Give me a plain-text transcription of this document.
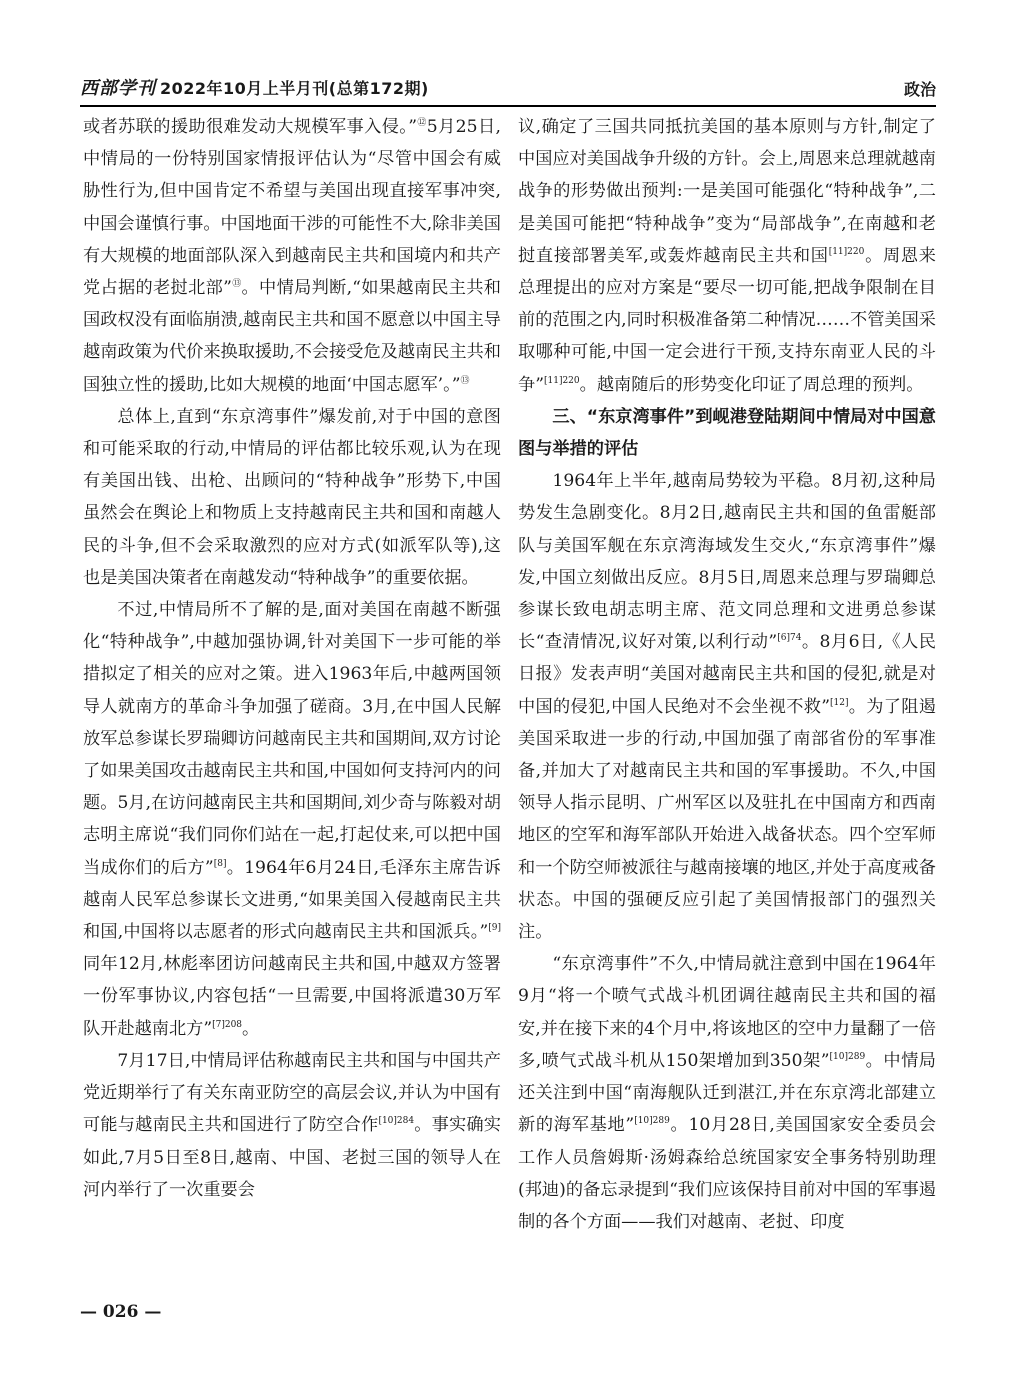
西部学刊 2022年10月上半月刊(总第172期)	政治

或者苏联的援助很难发动大规模军事入侵。”⑫5月25日,中情局的一份特别国家情报评估认为“尽管中国会有威胁性行为,但中国肯定不希望与美国出现直接军事冲突,中国会谨慎行事。中国地面干涉的可能性不大,除非美国有大规模的地面部队深入到越南民主共和国境内和共产党占据的老挝北部”⑬。中情局判断,“如果越南民主共和国政权没有面临崩溃,越南民主共和国不愿意以中国主导越南政策为代价来换取援助,不会接受危及越南民主共和国独立性的援助,比如大规模的地面‘中国志愿军’。”⑬

总体上,直到“东京湾事件”爆发前,对于中国的意图和可能采取的行动,中情局的评估都比较乐观,认为在现有美国出钱、出枪、出顾问的“特种战争”形势下,中国虽然会在舆论上和物质上支持越南民主共和国和南越人民的斗争,但不会采取激烈的应对方式(如派军队等),这也是美国决策者在南越发动“特种战争”的重要依据。

不过,中情局所不了解的是,面对美国在南越不断强化“特种战争”,中越加强协调,针对美国下一步可能的举措拟定了相关的应对之策。进入1963年后,中越两国领导人就南方的革命斗争加强了磋商。3月,在中国人民解放军总参谋长罗瑞卿访问越南民主共和国期间,双方讨论了如果美国攻击越南民主共和国,中国如何支持河内的问题。5月,在访问越南民主共和国期间,刘少奇与陈毅对胡志明主席说“我们同你们站在一起,打起仗来,可以把中国当成你们的后方”[8]。1964年6月24日,毛泽东主席告诉越南人民军总参谋长文进勇,“如果美国入侵越南民主共和国,中国将以志愿者的形式向越南民主共和国派兵。”[9]同年12月,林彪率团访问越南民主共和国,中越双方签署一份军事协议,内容包括“一旦需要,中国将派遣30万军队开赴越南北方”$^{[7]208}$。

7月17日,中情局评估称越南民主共和国与中国共产党近期举行了有关东南亚防空的高层会议,并认为中国有可能与越南民主共和国进行了防空合作$^{[10]284}$。事实确实如此,7月5日至8日,越南、中国、老挝三国的领导人在河内举行了一次重要会

议,确定了三国共同抵抗美国的基本原则与方针,制定了中国应对美国战争升级的方针。会上,周恩来总理就越南战争的形势做出预判:一是美国可能强化“特种战争”,二是美国可能把“特种战争”变为“局部战争”,在南越和老挝直接部署美军,或轰炸越南民主共和国$^{[11]220}$。周恩来总理提出的应对方案是“要尽一切可能,把战争限制在目前的范围之内,同时积极准备第二种情况……不管美国采取哪种可能,中国一定会进行干预,支持东南亚人民的斗争”$^{[11]220}$。越南随后的形势变化印证了周总理的预判。

三、“东京湾事件”到岘港登陆期间中情局对中国意图与举措的评估

1964年上半年,越南局势较为平稳。8月初,这种局势发生急剧变化。8月2日,越南民主共和国的鱼雷艇部队与美国军舰在东京湾海域发生交火,“东京湾事件”爆发,中国立刻做出反应。8月5日,周恩来总理与罗瑞卿总参谋长致电胡志明主席、范文同总理和文进勇总参谋长“查清情况,议好对策,以利行动”$^{[6]74}$。8月6日,《人民日报》发表声明“美国对越南民主共和国的侵犯,就是对中国的侵犯,中国人民绝对不会坐视不救”[12]。为了阻遏美国采取进一步的行动,中国加强了南部省份的军事准备,并加大了对越南民主共和国的军事援助。不久,中国领导人指示昆明、广州军区以及驻扎在中国南方和西南地区的空军和海军部队开始进入战备状态。四个空军师和一个防空师被派往与越南接壤的地区,并处于高度戒备状态。中国的强硬反应引起了美国情报部门的强烈关注。

“东京湾事件”不久,中情局就注意到中国在1964年9月“将一个喷气式战斗机团调往越南民主共和国的福安,并在接下来的4个月中,将该地区的空中力量翻了一倍多,喷气式战斗机从150架增加到350架”$^{[10]289}$。中情局还关注到中国“南海舰队迁到湛江,并在东京湾北部建立新的海军基地”$^{[10]289}$。10月28日,美国国家安全委员会工作人员詹姆斯·汤姆森给总统国家安全事务特别助理(邦迪)的备忘录提到“我们应该保持目前对中国的军事遏制的各个方面——我们对越南、老挝、印度

— 026 —
